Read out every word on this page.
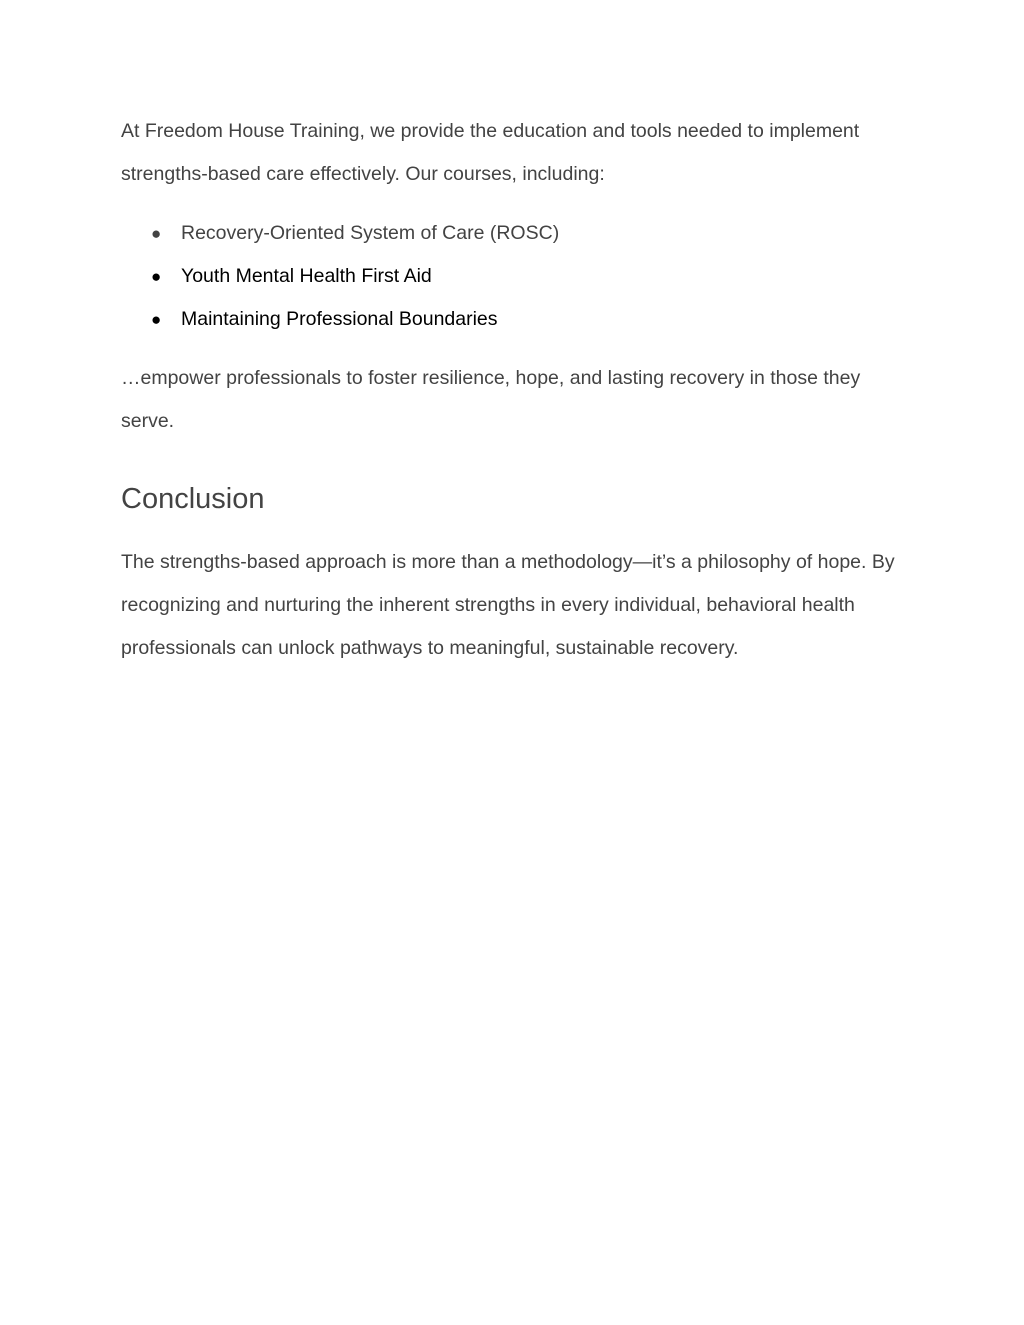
At Freedom House Training, we provide the education and tools needed to implement strengths-based care effectively. Our courses, including:

● Recovery-Oriented System of Care (ROSC)
● Youth Mental Health First Aid
● Maintaining Professional Boundaries

…empower professionals to foster resilience, hope, and lasting recovery in those they serve.

Conclusion

The strengths-based approach is more than a methodology—it’s a philosophy of hope. By recognizing and nurturing the inherent strengths in every individual, behavioral health professionals can unlock pathways to meaningful, sustainable recovery.
